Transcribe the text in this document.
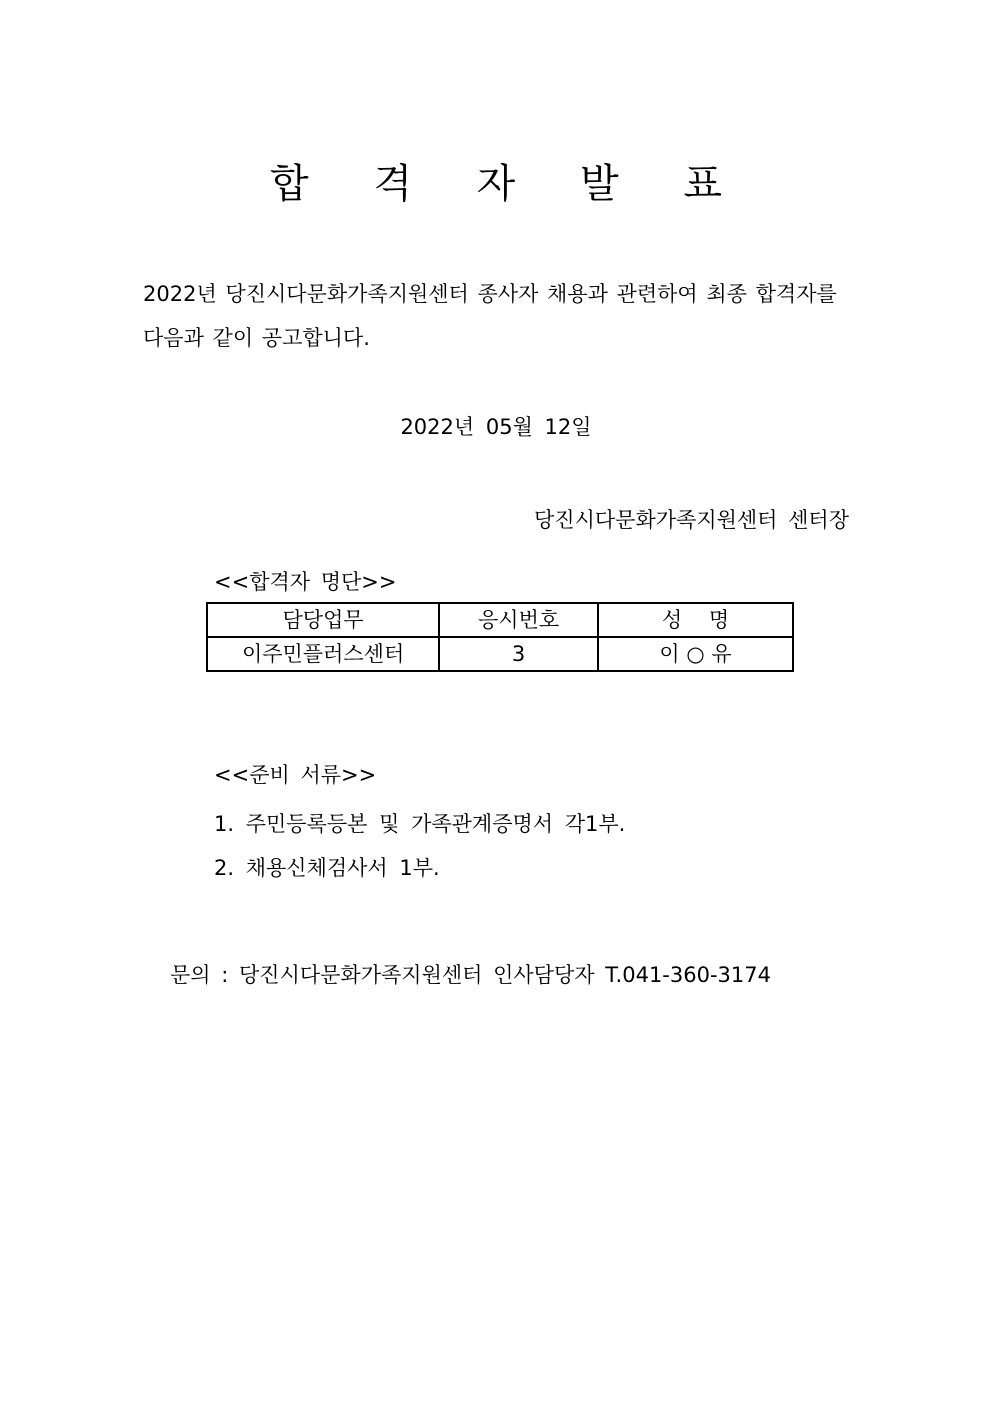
합 격 자 발 표

2022년 당진시다문화가족지원센터 종사자 채용과 관련하여 최종 합격자를

다음과 같이 공고합니다.

2022년 05월 12일
당진시다문화가족지원센터 센터장
<<합격자 명단>>
담당업무	응시번호	성    명
이주민플러스센터	3	이 ○ 유
<<준비 서류>>
1. 주민등록등본 및 가족관계증명서 각1부.
2. 채용신체검사서 1부.
문의 : 당진시다문화가족지원센터 인사담당자 T.041-360-3174
